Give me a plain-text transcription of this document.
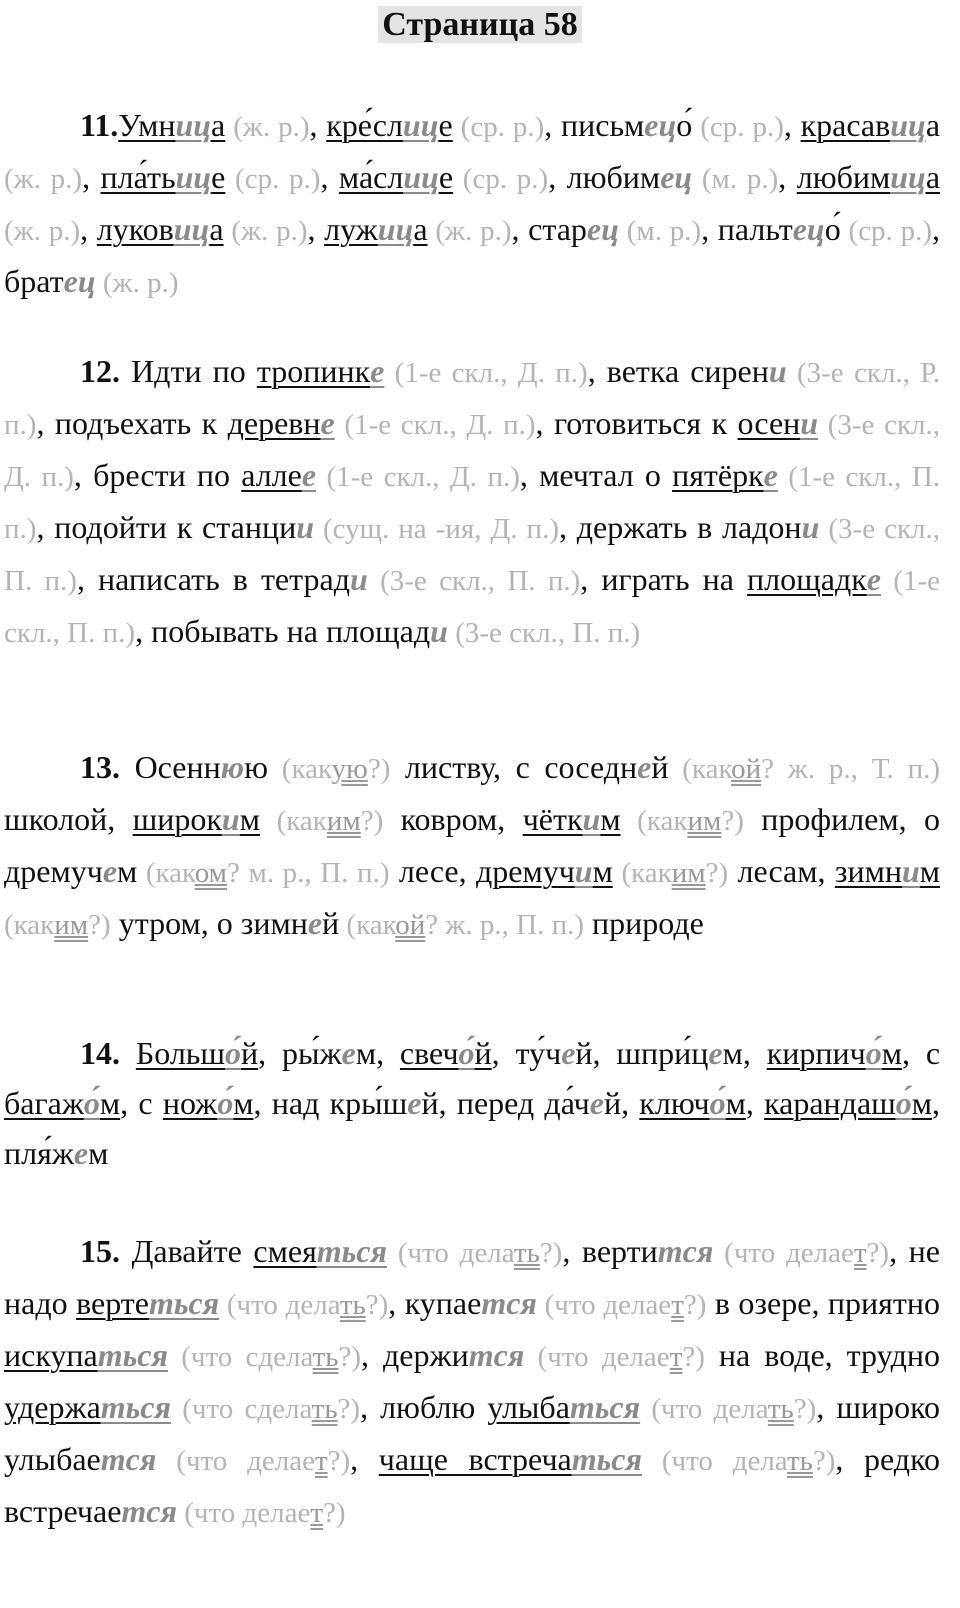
Страница 58

11.Умница (ж. р.), кре́слице (ср. р.), письмецо́ (ср. р.), красавица (ж. р.), пла́тьице (ср. р.), ма́слице (ср. р.), любимец (м. р.), любимица (ж. р.), луковица (ж. р.), лужица (ж. р.), старец (м. р.), пальтецо́ (ср. р.), братец (ж. р.)

12. Идти по тропинке (1-е скл., Д. п.), ветка сирени (3-е скл., Р. п.), подъехать к деревне (1-е скл., Д. п.), готовиться к осени (3-е скл., Д. п.), брести по аллее (1-е скл., Д. п.), мечтал о пятёрке (1-е скл., П. п.), подойти к станции (сущ. на -ия, Д. п.), держать в ладони (3-е скл., П. п.), написать в тетради (3-е скл., П. п.), играть на площадке (1-е скл., П. п.), побывать на площади (3-е скл., П. п.)

13. Осеннюю (какую?) листву, с соседней (какой? ж. р., Т. п.) школой, широким (каким?) ковром, чётким (каким?) профилем, о дремучем (каком? м. р., П. п.) лесе, дремучим (каким?) лесам, зимним (каким?) утром, о зимней (какой? ж. р., П. п.) природе

14. Большо́й, ры́жем, свечо́й, ту́чей, шпри́цем, кирпичо́м, с багажо́м, с ножо́м, над кры́шей, перед да́чей, ключо́м, карандашо́м, пля́жем

15. Давайте смеяться (что делать?), вертится (что делает?), не надо вертеться (что делать?), купается (что делает?) в озере, приятно искупаться (что сделать?), держится (что делает?) на воде, трудно удержаться (что сделать?), люблю улыбаться (что делать?), широко улыбается (что делает?), чаще встречаться (что делать?), редко встречается (что делает?)
